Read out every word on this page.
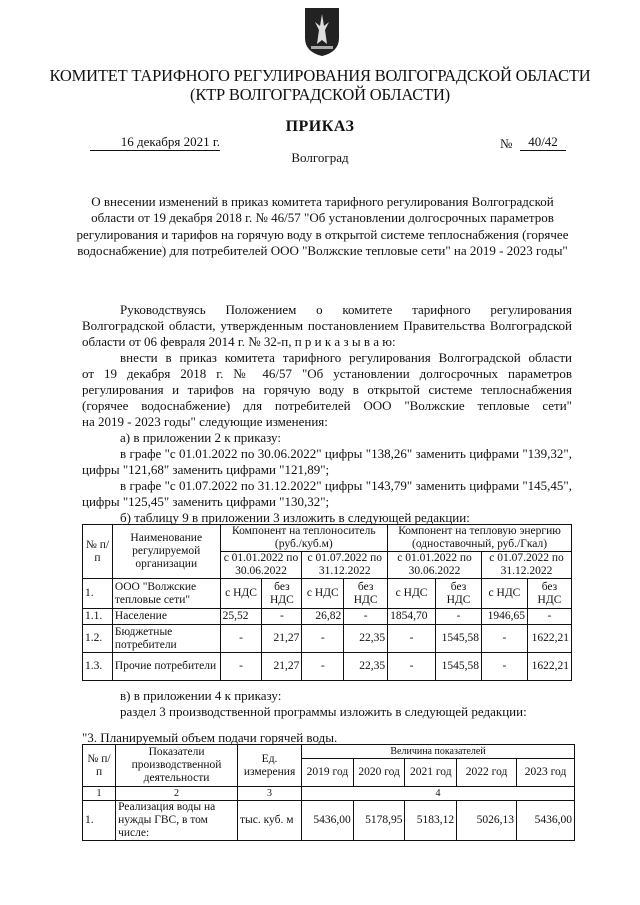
КОМИТЕТ ТАРИФНОГО РЕГУЛИРОВАНИЯ ВОЛГОГРАДСКОЙ ОБЛАСТИ
(КТР ВОЛГОГРАДСКОЙ ОБЛАСТИ)
ПРИКАЗ
16 декабря 2021 г.	№	40/42
Волгоград
О внесении изменений в приказ комитета тарифного регулирования Волгоградской области от 19 декабря 2018 г. № 46/57 "Об установлении долгосрочных параметров регулирования и тарифов на горячую воду в открытой системе теплоснабжения (горячее водоснабжение) для потребителей ООО "Волжские тепловые сети" на 2019 - 2023 годы"
Руководствуясь Положением о комитете тарифного регулирования
Волгоградской области, утвержденным постановлением Правительства Волгоградской
области от 06 февраля 2014 г. № 32-п, п р и к а з ы в а ю:
внести в приказ комитета тарифного регулирования Волгоградской области
от 19 декабря 2018 г. № 46/57 "Об установлении долгосрочных параметров
регулирования и тарифов на горячую воду в открытой системе теплоснабжения
(горячее водоснабжение) для потребителей ООО "Волжские тепловые сети"
на 2019 - 2023 годы" следующие изменения:
а) в приложении 2 к приказу:
в графе "с 01.01.2022 по 30.06.2022" цифры "138,26" заменить цифрами "139,32",
цифры "121,68" заменить цифрами "121,89";
в графе "с 01.07.2022 по 31.12.2022" цифры "143,79" заменить цифрами "145,45",
цифры "125,45" заменить цифрами "130,32";
б) таблицу 9 в приложении 3 изложить в следующей редакции:
№ п/п	Наименование регулируемой организации	Компонент на теплоноситель (руб./куб.м)				Компонент на тепловую энергию (одноставочный, руб./Гкал)			
		с 01.01.2022 по 30.06.2022		с 01.07.2022 по 31.12.2022		с 01.01.2022 по 30.06.2022		с 01.07.2022 по 31.12.2022	

1.	ООО "Волжские тепловые сети"	с НДС	без НДС	с НДС	без НДС	с НДС	без НДС	с НДС	без НДС
1.1.	Население	25,52	-	26,82	-	1854,70	-	1946,65	-
1.2.	Бюджетные потребители	-	21,27	-	22,35	-	1545,58	-	1622,21
1.3.	Прочие потребители	-	21,27	-	22,35	-	1545,58	-	1622,21
в) в приложении 4 к приказу:
раздел 3 производственной программы изложить в следующей редакции:
"3. Планируемый объем подачи горячей воды.
№ п/п	Показатели производственной деятельности	Ед. измерения	Величина показателей				
			2019 год	2020 год	2021 год	2022 год	2023 год
1	2	3	4				
1.	Реализация воды на нужды ГВС, в том числе:	тыс. куб. м	5436,00	5178,95	5183,12	5026,13	5436,00
